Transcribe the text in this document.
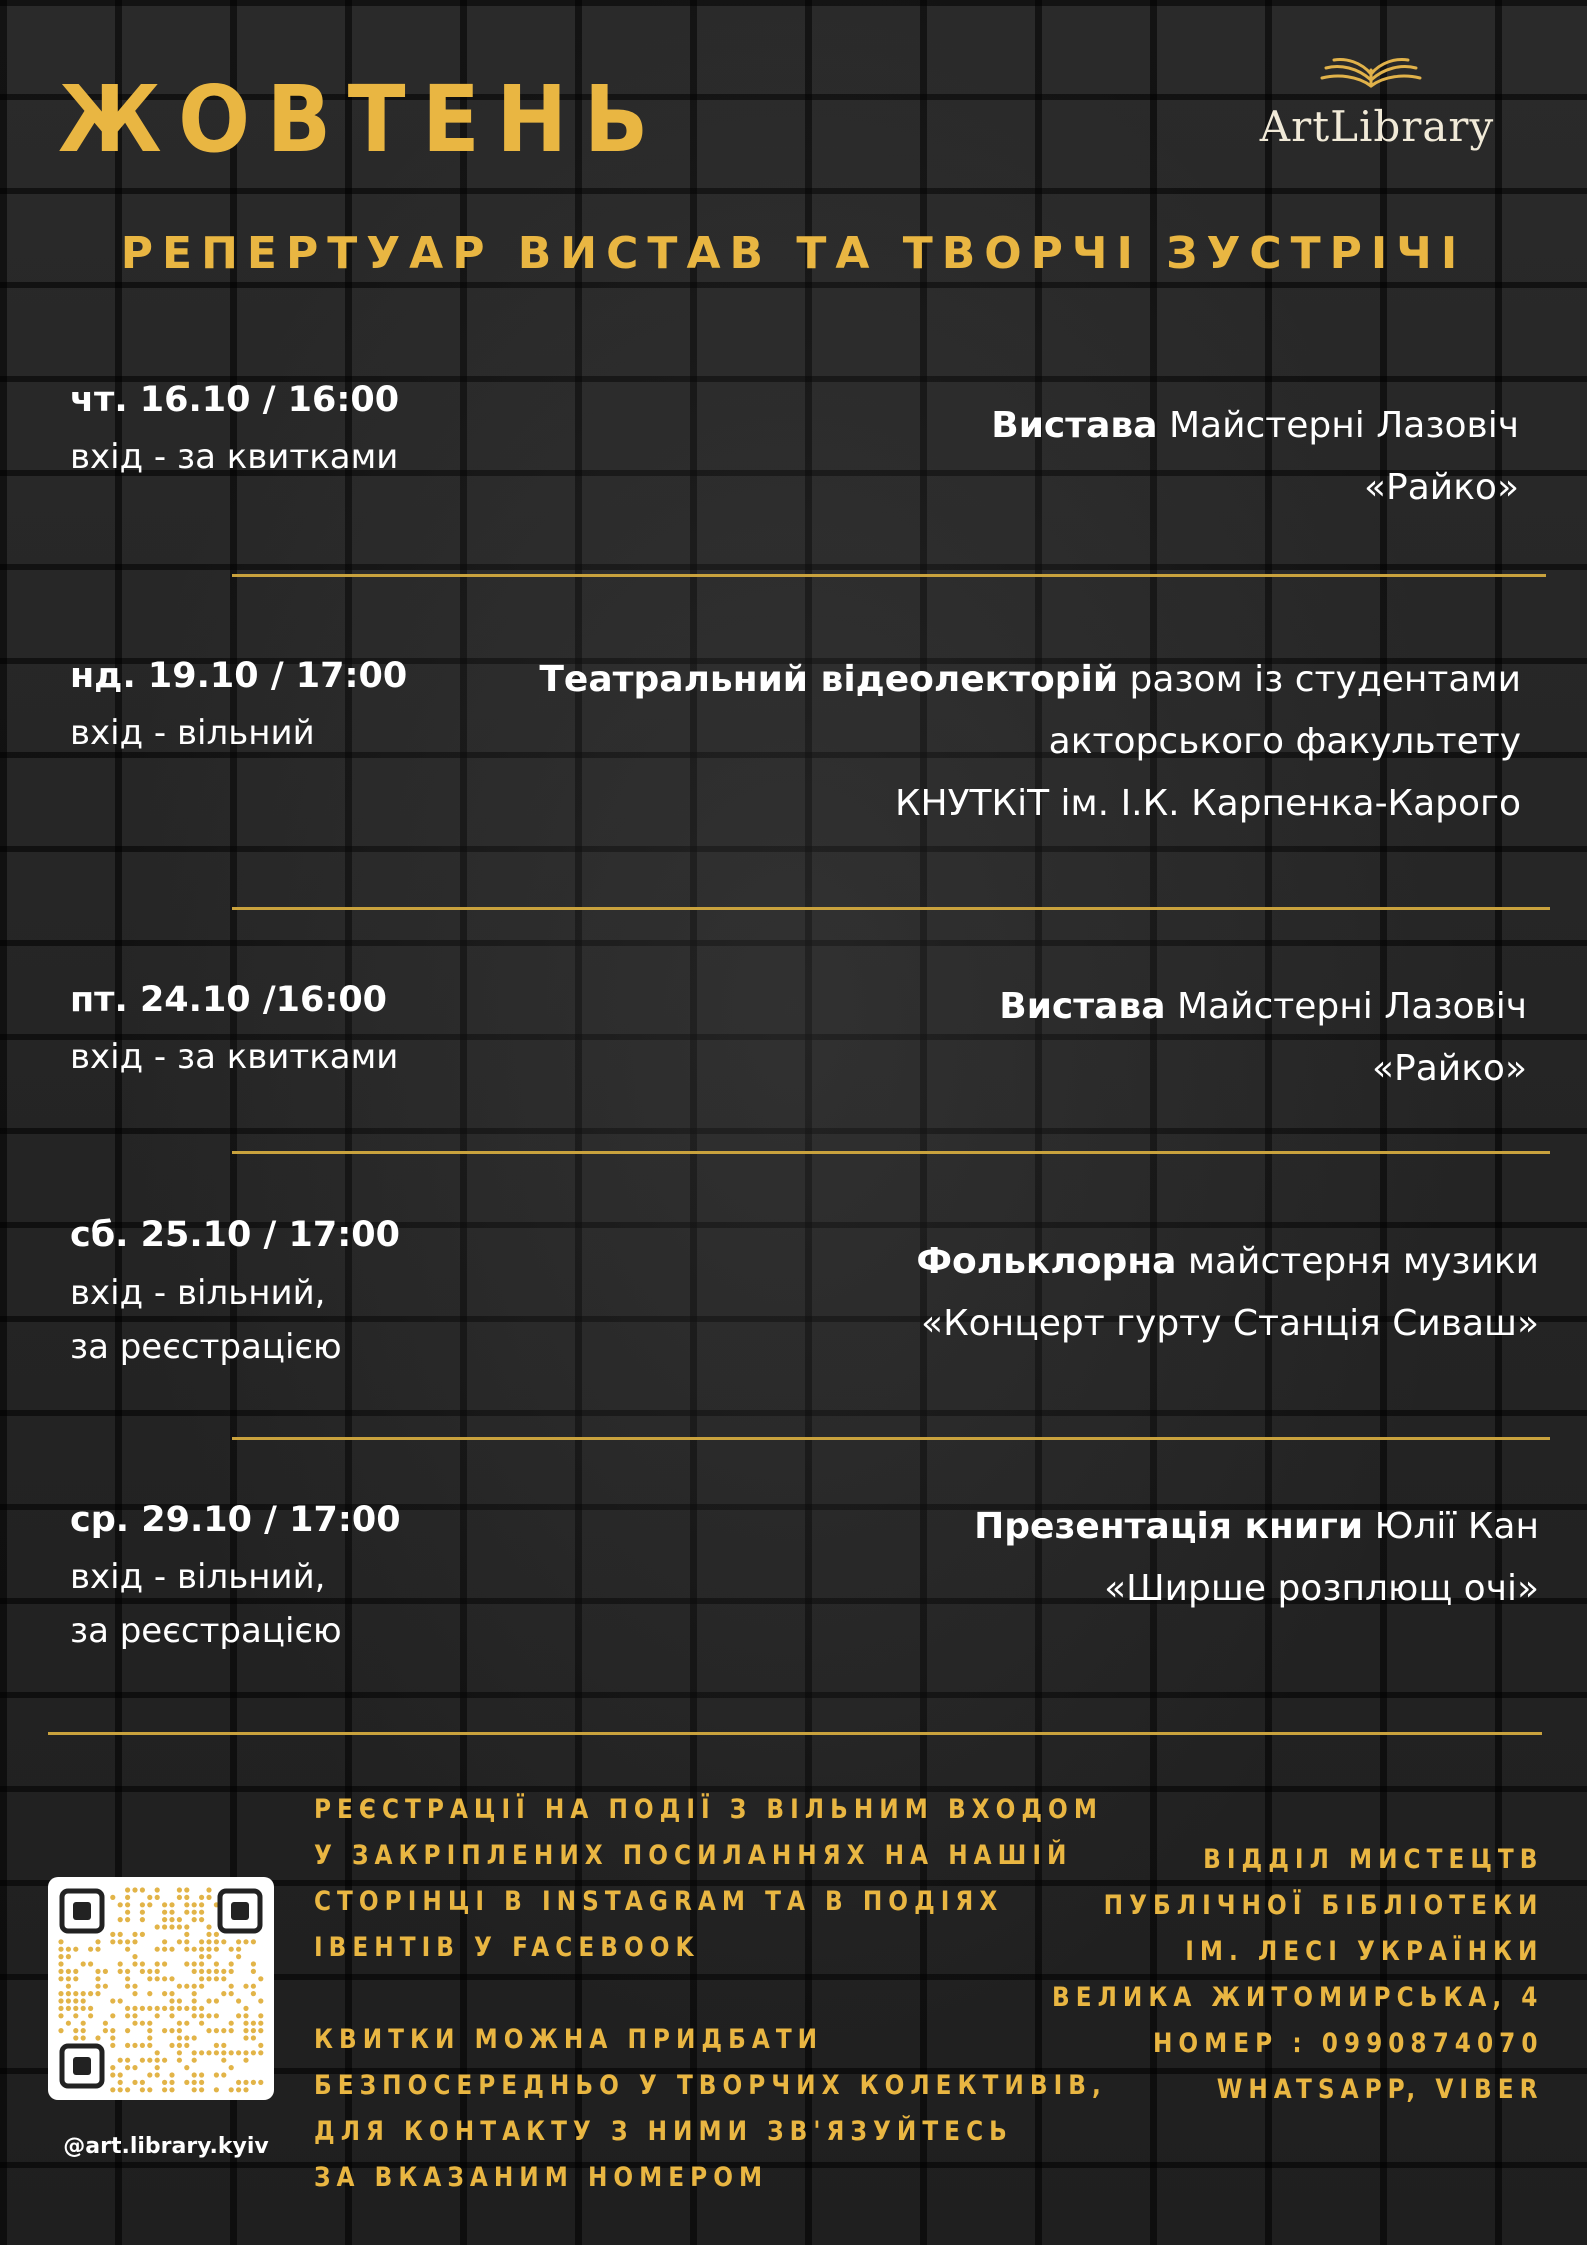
ЖОВТЕНЬ	ArtLibrary
РЕПЕРТУАР ВИСТАВ ТА ТВОРЧІ ЗУСТРІЧІ
чт. 16.10 / 16:00
вхід - за квитками
Вистава Майстерні Лазовіч
«Райко»
нд. 19.10 / 17:00
вхід - вільний
Театральний відеолекторій разом із студентами
акторського факультету
КНУТКіТ ім. І.К. Карпенка-Карого
пт. 24.10 /16:00
вхід - за квитками
Вистава Майстерні Лазовіч
«Райко»
сб. 25.10 / 17:00
вхід - вільний,
за реєстрацією
Фольклорна майстерня музики
«Концерт гурту Станція Сиваш»
ср. 29.10 / 17:00
вхід - вільний,
за реєстрацією
Презентація книги Юлії Кан
«Ширше розплющ очі»
РЕЄСТРАЦІЇ НА ПОДІЇ З ВІЛЬНИМ ВХОДОМ
У ЗАКРІПЛЕНИХ ПОСИЛАННЯХ НА НАШІЙ
СТОРІНЦІ В INSTAGRAM ТА В ПОДІЯХ
ІВЕНТІВ У FACEBOOK
КВИТКИ МОЖНА ПРИДБАТИ
БЕЗПОСЕРЕДНЬО У ТВОРЧИХ КОЛЕКТИВІВ,
ДЛЯ КОНТАКТУ З НИМИ ЗВ'ЯЗУЙТЕСЬ
ЗА ВКАЗАНИМ НОМЕРОМ
ВІДДІЛ МИСТЕЦТВ
ПУБЛІЧНОЇ БІБЛІОТЕКИ
ІМ. ЛЕСІ УКРАЇНКИ
ВЕЛИКА ЖИТОМИРСЬКА, 4
НОМЕР : 0990874070
WHATSAPP, VIBER
@art.library.kyiv
